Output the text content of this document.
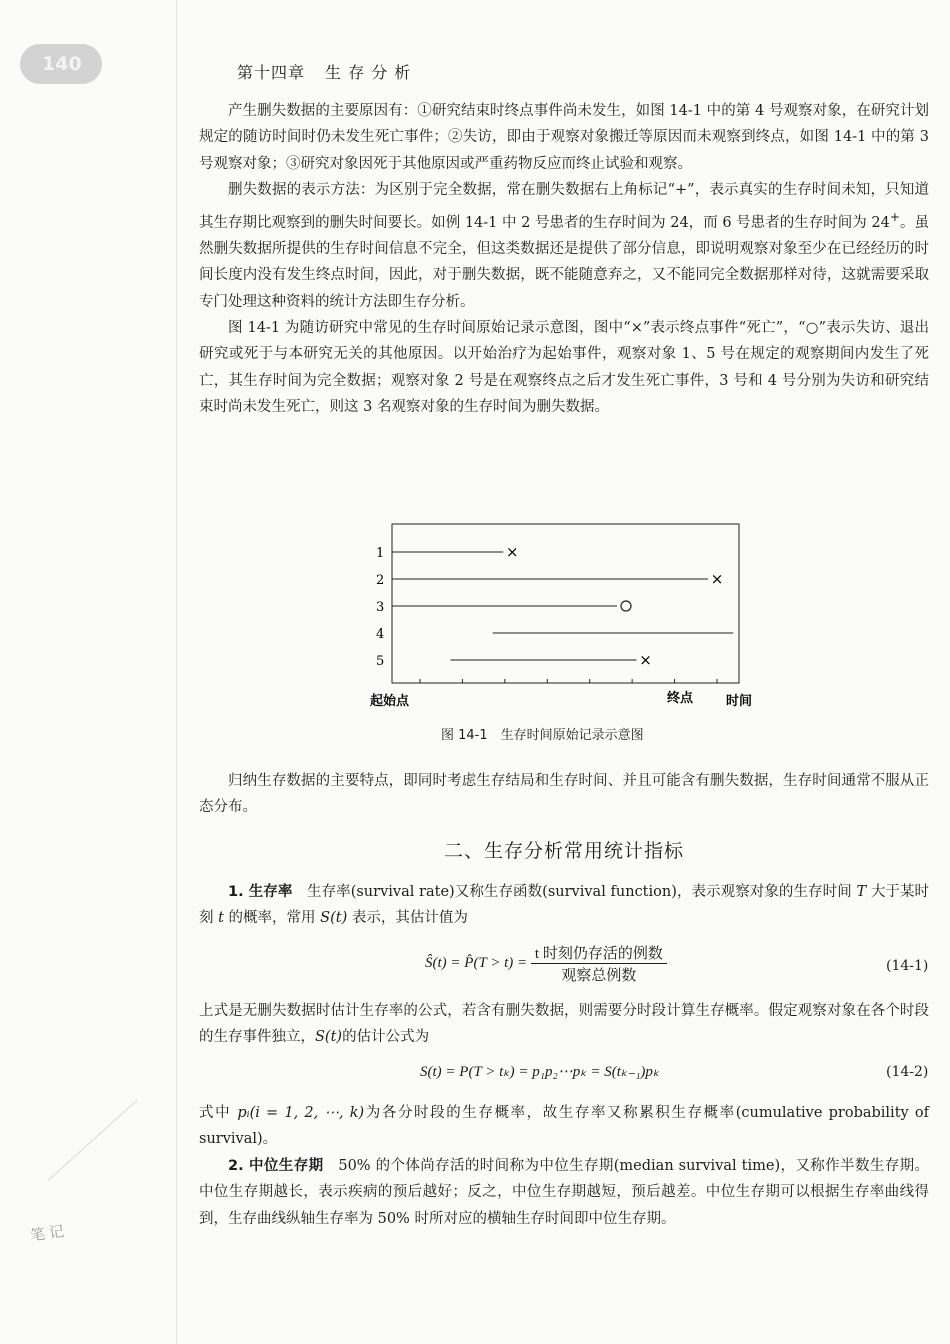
140	第十四章 生 存 分 析

产生删失数据的主要原因有：①研究结束时终点事件尚未发生，如图 14-1 中的第 4 号观察对象，在研究计划规定的随访时间时仍未发生死亡事件；②失访，即由于观察对象搬迁等原因而未观察到终点，如图 14-1 中的第 3 号观察对象；③研究对象因死于其他原因或严重药物反应而终止试验和观察。

删失数据的表示方法：为区别于完全数据，常在删失数据右上角标记“+”，表示真实的生存时间未知，只知道其生存期比观察到的删失时间要长。如例 14-1 中 2 号患者的生存时间为 24，而 6 号患者的生存时间为 24+。虽然删失数据所提供的生存时间信息不完全，但这类数据还是提供了部分信息，即说明观察对象至少在已经经历的时间长度内没有发生终点时间，因此，对于删失数据，既不能随意弃之，又不能同完全数据那样对待，这就需要采取专门处理这种资料的统计方法即生存分析。

图 14-1 为随访研究中常见的生存时间原始记录示意图，图中“×”表示终点事件“死亡”，“○”表示失访、退出研究或死于与本研究无关的其他原因。以开始治疗为起始事件，观察对象 1、5 号在规定的观察期间内发生了死亡，其生存时间为完全数据；观察对象 2 号是在观察终点之后才发生死亡事件，3 号和 4 号分别为失访和研究结束时尚未发生死亡，则这 3 名观察对象的生存时间为删失数据。

1	×
2	×
3
4
5	×
起始点	终点	时间
图 14-1　生存时间原始记录示意图

归纳生存数据的主要特点，即同时考虑生存结局和生存时间、并且可能含有删失数据，生存时间通常不服从正态分布。

二、生存分析常用统计指标

1. 生存率　 生存率(survival rate)又称生存函数(survival function)，表示观察对象的生存时间 T 大于某时刻 t 的概率，常用 S(t) 表示，其估计值为

Ŝ(t) = P̂(T > $t) = \frac{\text{t 时刻仍存活的例数}}{\text{观察总例数}}$	(14-1)

上式是无删失数据时估计生存率的公式，若含有删失数据，则需要分时段计算生存概率。假定观察对象在各个时段的生存事件独立，S(t)的估计公式为

S(t) = P(T > tₖ) = p₁p₂⋯pₖ = S(tₖ₋₁)pₖ	(14-2)

式中 pᵢ(i = 1, 2, ⋯, k)为各分时段的生存概率，故生存率又称累积生存概率(cumulative probability of survival)。

2. 中位生存期　 50% 的个体尚存活的时间称为中位生存期(median survival time)，又称作半数生存期。中位生存期越长，表示疾病的预后越好；反之，中位生存期越短，预后越差。中位生存期可以根据生存率曲线得到，生存曲线纵轴生存率为 50% 时所对应的横轴生存时间即中位生存期。

笔记
